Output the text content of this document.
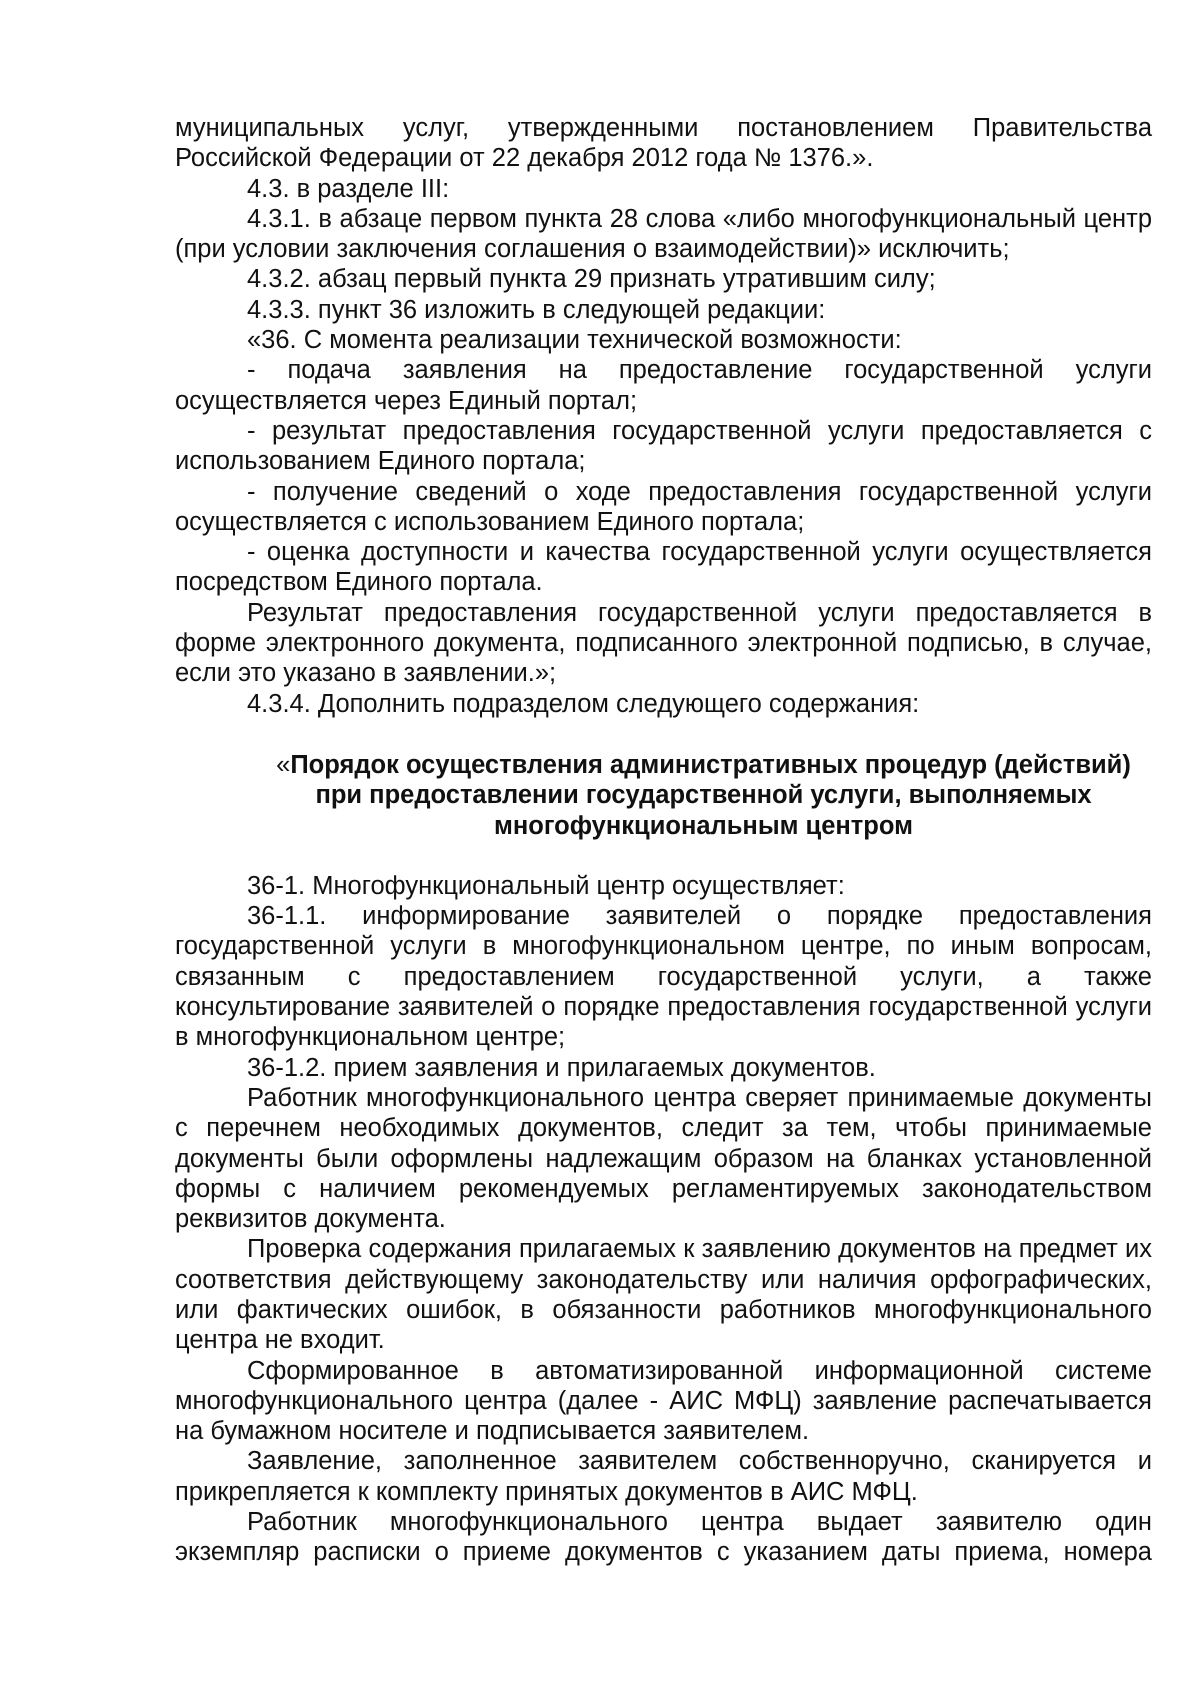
муниципальных услуг, утвержденными постановлением Правительства Российской Федерации от 22 декабря 2012 года № 1376.».

4.3. в разделе III:

4.3.1. в абзаце первом пункта 28 слова «либо многофункциональный центр (при условии заключения соглашения о взаимодействии)» исключить;

4.3.2. абзац первый пункта 29 признать утратившим силу;

4.3.3. пункт 36 изложить в следующей редакции:

«36. С момента реализации технической возможности:

- подача заявления на предоставление государственной услуги осуществляется через Единый портал;

- результат предоставления государственной услуги предоставляется с использованием Единого портала;

- получение сведений о ходе предоставления государственной услуги осуществляется с использованием Единого портала;

- оценка доступности и качества государственной услуги осуществляется посредством Единого портала.

Результат предоставления государственной услуги предоставляется в форме электронного документа, подписанного электронной подписью, в случае, если это указано в заявлении.»;

4.3.4. Дополнить подразделом следующего содержания:

«Порядок осуществления административных процедур (действий) при предоставлении государственной услуги, выполняемых многофункциональным центром

36-1. Многофункциональный центр осуществляет:

36-1.1. информирование заявителей о порядке предоставления государственной услуги в многофункциональном центре, по иным вопросам, связанным с предоставлением государственной услуги, а также консультирование заявителей о порядке предоставления государственной услуги в многофункциональном центре;

36-1.2. прием заявления и прилагаемых документов.

Работник многофункционального центра сверяет принимаемые документы с перечнем необходимых документов, следит за тем, чтобы принимаемые документы были оформлены надлежащим образом на бланках установленной формы с наличием рекомендуемых регламентируемых законодательством реквизитов документа.

Проверка содержания прилагаемых к заявлению документов на предмет их соответствия действующему законодательству или наличия орфографических, или фактических ошибок, в обязанности работников многофункционального центра не входит.

Сформированное в автоматизированной информационной системе многофункционального центра (далее - АИС МФЦ) заявление распечатывается на бумажном носителе и подписывается заявителем.

Заявление, заполненное заявителем собственноручно, сканируется и прикрепляется к комплекту принятых документов в АИС МФЦ.

Работник многофункционального центра выдает заявителю один экземпляр расписки о приеме документов с указанием даты приема, номера
